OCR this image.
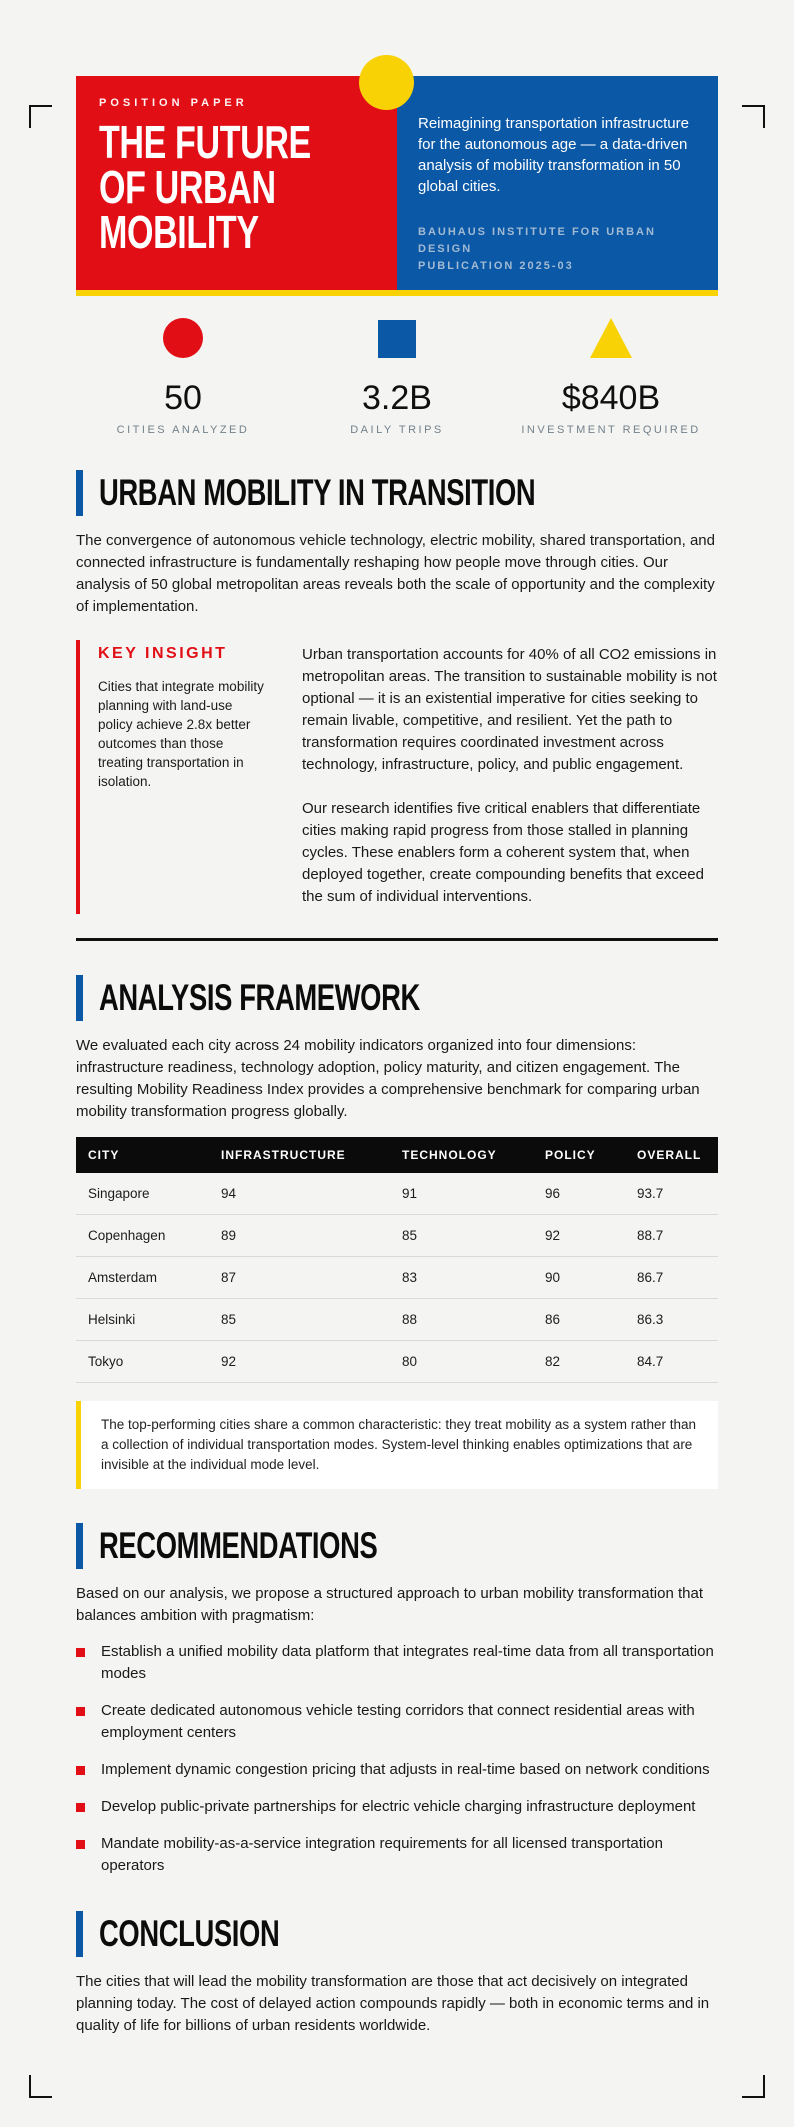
POSITION PAPER
THE FUTURE
OF URBAN
MOBILITY

Reimagining transportation infrastructure for the autonomous age — a data-driven analysis of mobility transformation in 50 global cities.

BAUHAUS INSTITUTE FOR URBAN DESIGN
PUBLICATION 2025-03
50
CITIES ANALYZED
3.2B
DAILY TRIPS
$840B
INVESTMENT REQUIRED
URBAN MOBILITY IN TRANSITION

The convergence of autonomous vehicle technology, electric mobility, shared transportation, and connected infrastructure is fundamentally reshaping how people move through cities. Our analysis of 50 global metropolitan areas reveals both the scale of opportunity and the complexity of implementation.

KEY INSIGHT
Cities that integrate mobility planning with land-use policy achieve 2.8x better outcomes than those treating transportation in isolation.

Urban transportation accounts for 40% of all CO2 emissions in metropolitan areas. The transition to sustainable mobility is not optional — it is an existential imperative for cities seeking to remain livable, competitive, and resilient. Yet the path to transformation requires coordinated investment across technology, infrastructure, policy, and public engagement.

Our research identifies five critical enablers that differentiate cities making rapid progress from those stalled in planning cycles. These enablers form a coherent system that, when deployed together, create compounding benefits that exceed the sum of individual interventions.

ANALYSIS FRAMEWORK

We evaluated each city across 24 mobility indicators organized into four dimensions: infrastructure readiness, technology adoption, policy maturity, and citizen engagement. The resulting Mobility Readiness Index provides a comprehensive benchmark for comparing urban mobility transformation progress globally.

CITY	INFRASTRUCTURE	TECHNOLOGY	POLICY	OVERALL
Singapore	94	91	96	93.7
Copenhagen	89	85	92	88.7
Amsterdam	87	83	90	86.7
Helsinki	85	88	86	86.3
Tokyo	92	80	82	84.7
The top-performing cities share a common characteristic: they treat mobility as a system rather than a collection of individual transportation modes. System-level thinking enables optimizations that are invisible at the individual mode level.
RECOMMENDATIONS

Based on our analysis, we propose a structured approach to urban mobility transformation that balances ambition with pragmatism:

Establish a unified mobility data platform that integrates real-time data from all transportation modes
Create dedicated autonomous vehicle testing corridors that connect residential areas with employment centers
Implement dynamic congestion pricing that adjusts in real-time based on network conditions
Develop public-private partnerships for electric vehicle charging infrastructure deployment
Mandate mobility-as-a-service integration requirements for all licensed transportation operators
CONCLUSION

The cities that will lead the mobility transformation are those that act decisively on integrated planning today. The cost of delayed action compounds rapidly — both in economic terms and in quality of life for billions of urban residents worldwide.
